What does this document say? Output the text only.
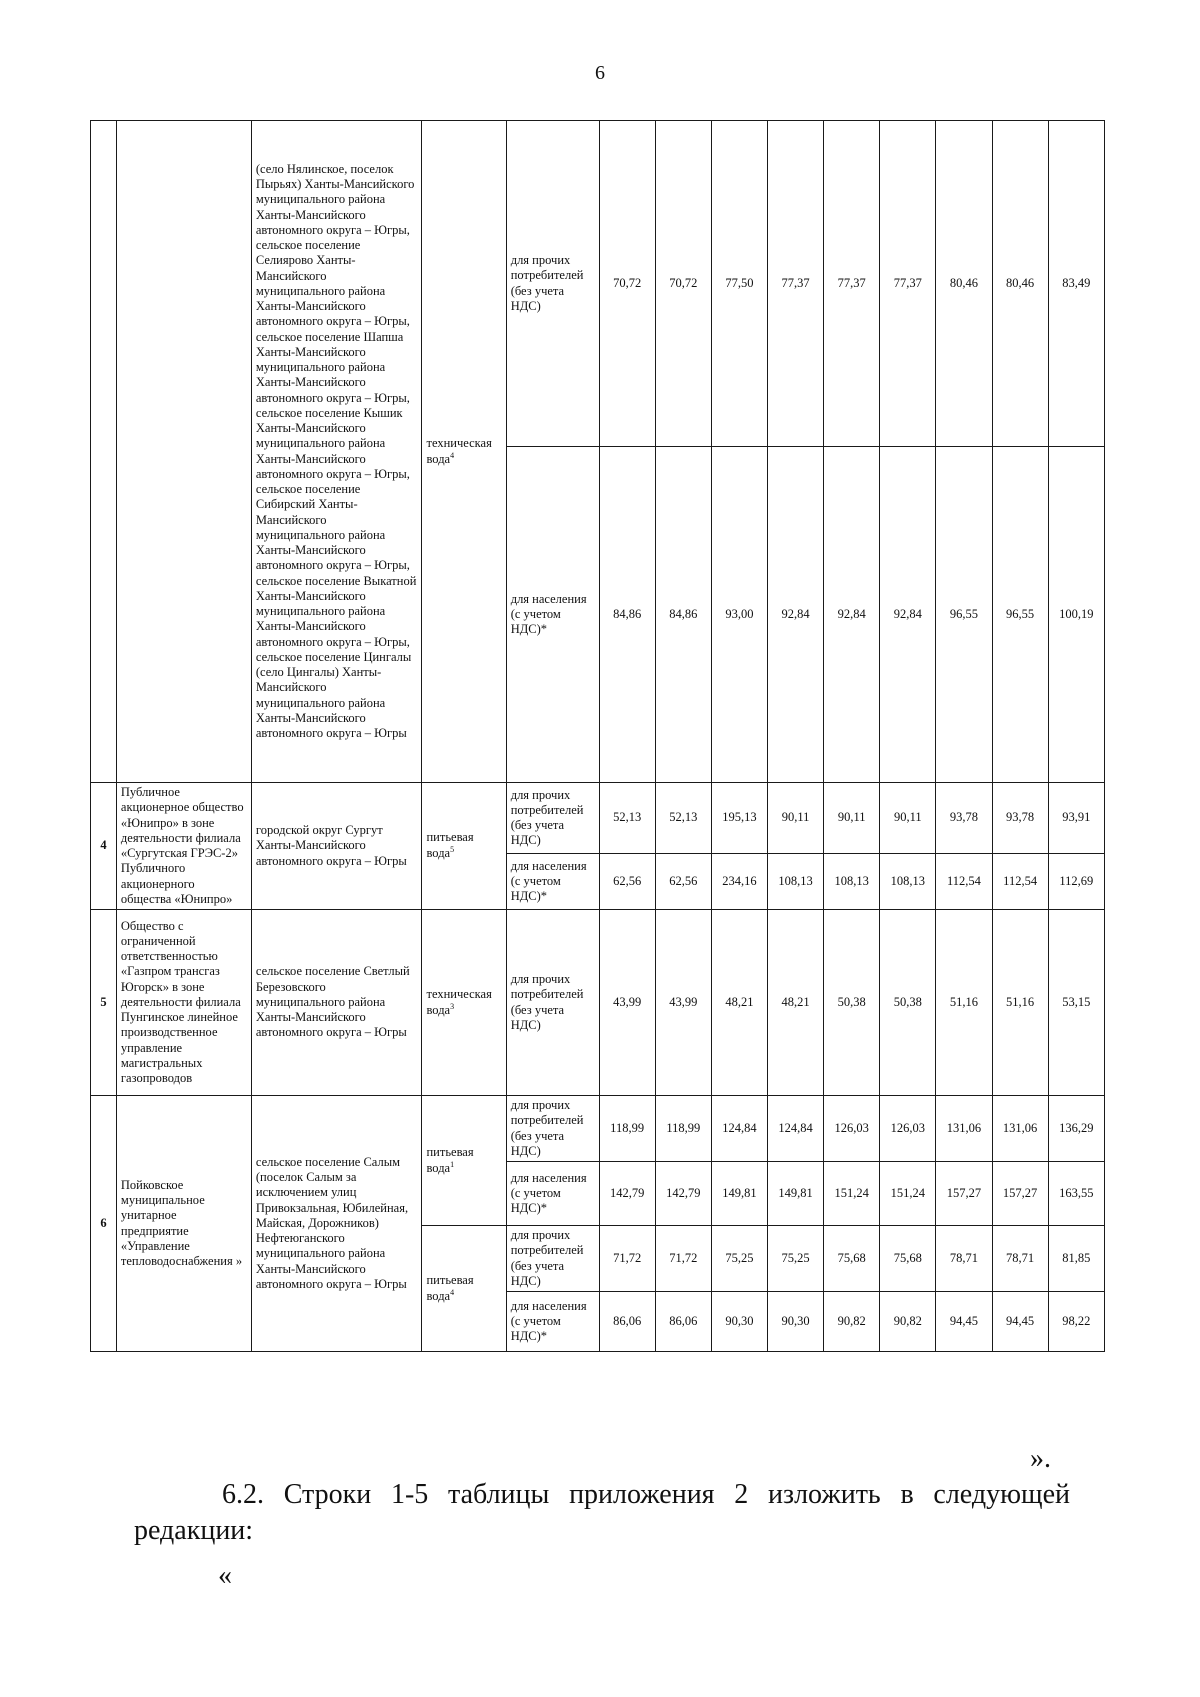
6
		(село Нялинское, поселок Пырьях) Ханты-Мансийского муниципального района Ханты-Мансийского автономного округа – Югры, сельское поселение Селиярово Ханты-Мансийского муниципального района Ханты-Мансийского автономного округа – Югры, сельское поселение Шапша Ханты-Мансийского муниципального района Ханты-Мансийского автономного округа – Югры, сельское поселение Кышик Ханты-Мансийского муниципального района Ханты-Мансийского автономного округа – Югры, сельское поселение Сибирский Ханты-Мансийского муниципального района Ханты-Мансийского автономного округа – Югры, сельское поселение Выкатной Ханты-Мансийского муниципального района Ханты-Мансийского автономного округа – Югры, сельское поселение Цингалы (село Цингалы) Ханты-Мансийского муниципального района Ханты-Мансийского автономного округа – Югры	техническая вода$^4$	для прочих потребителей (без учета НДС)	70,72	70,72	77,50	77,37	77,37	77,37	80,46	80,46	83,49
				для населения (с учетом НДС)*	84,86	84,86	93,00	92,84	92,84	92,84	96,55	96,55	100,19
4	Публичное акционерное общество «Юнипро» в зоне деятельности филиала «Сургутская ГРЭС-2» Публичного акционерного общества «Юнипро»	городской округ Сургут Ханты-Мансийского автономного округа – Югры	питьевая вода$^5$	для прочих потребителей (без учета НДС)	52,13	52,13	195,13	90,11	90,11	90,11	93,78	93,78	93,91
				для населения (с учетом НДС)*	62,56	62,56	234,16	108,13	108,13	108,13	112,54	112,54	112,69
5	Общество с ограниченной ответственностью «Газпром трансгаз Югорск» в зоне деятельности филиала Пунгинское линейное производственное управление магистральных газопроводов	сельское поселение Светлый Березовского муниципального района Ханты-Мансийского автономного округа – Югры	техническая вода$^3$	для прочих потребителей (без учета НДС)	43,99	43,99	48,21	48,21	50,38	50,38	51,16	51,16	53,15
6	Пойковское муниципальное унитарное предприятие «Управление тепловодоснабжения »	сельское поселение Салым (поселок Салым за исключением улиц Привокзальная, Юбилейная, Майская, Дорожников) Нефтеюганского муниципального района Ханты-Мансийского автономного округа – Югры	питьевая вода$^1$	для прочих потребителей (без учета НДС)	118,99	118,99	124,84	124,84	126,03	126,03	131,06	131,06	136,29
				для населения (с учетом НДС)*	142,79	142,79	149,81	149,81	151,24	151,24	157,27	157,27	163,55
			питьевая вода$^4$	для прочих потребителей (без учета НДС)	71,72	71,72	75,25	75,25	75,68	75,68	78,71	78,71	81,85
				для населения (с учетом НДС)*	86,06	86,06	90,30	90,30	90,82	90,82	94,45	94,45	98,22
».
6.2. Строки 1-5 таблицы приложения 2 изложить в следующей редакции:
«
